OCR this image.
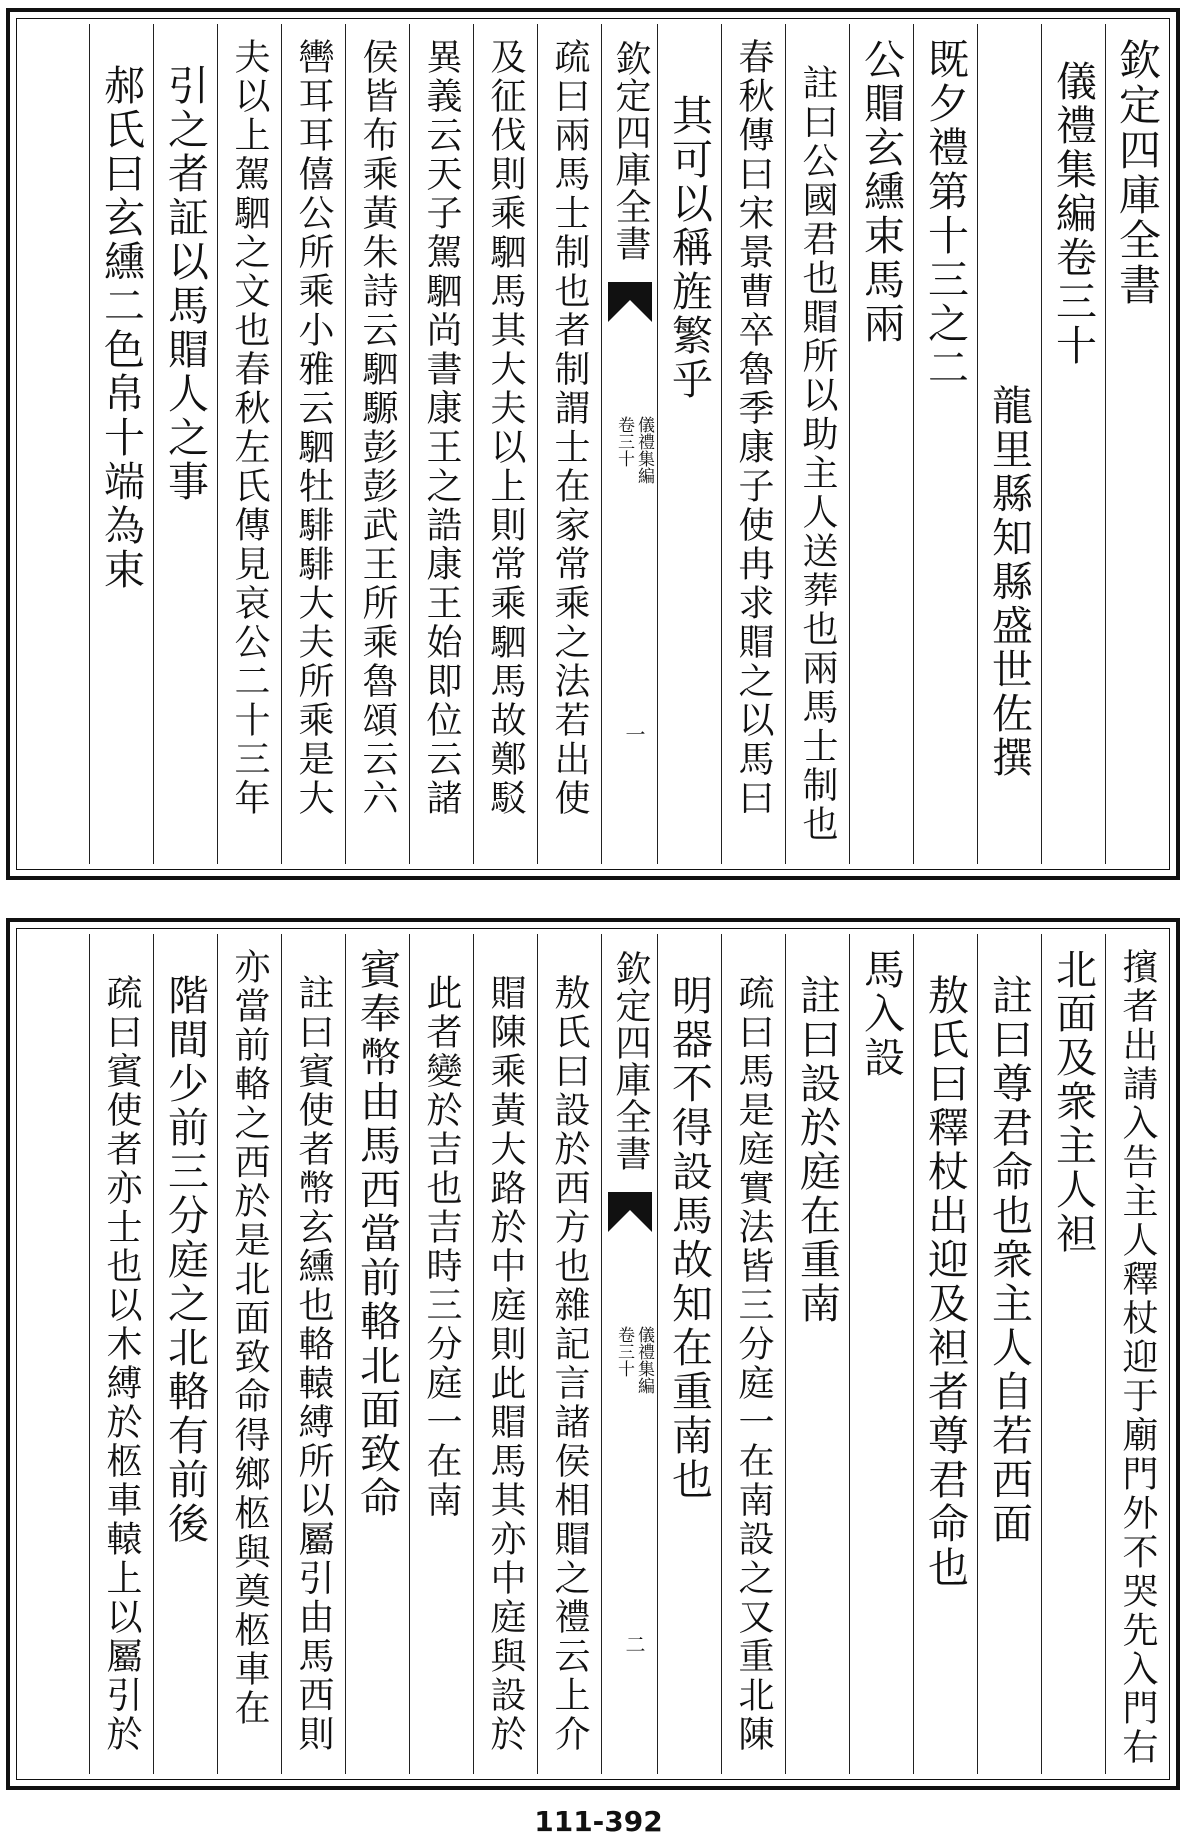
欽定四庫全書
儀禮集編卷三十
龍里縣知縣盛世佐撰
既夕禮第十三之二
公賵玄纁束馬兩
註曰公國君也賵所以助主人送葬也兩馬士制也
春秋傳曰宋景曹卒魯季康子使冉求賵之以馬曰
其可以稱旌繁乎
欽定四庫全書
儀禮集編
卷三十
一
疏曰兩馬士制也者制謂士在家常乘之法若出使
及征伐則乘駟馬其大夫以上則常乘駟馬故鄭駁
異義云天子駕駟尚書康王之誥康王始即位云諸
侯皆布乘黃朱詩云駟騵彭彭武王所乘魯頌云六
轡耳耳僖公所乘小雅云駟牡騑騑大夫所乘是大
夫以上駕駟之文也春秋左氏傳見哀公二十三年
引之者証以馬賵人之事
郝氏曰玄纁二色帛十端為束
擯者出請入告主人釋杖迎于廟門外不哭先入門右
北面及衆主人袒
註曰尊君命也衆主人自若西面
敖氏曰釋杖出迎及袒者尊君命也
馬入設
註曰設於庭在重南
疏曰馬是庭實法皆三分庭一在南設之又重北陳
明器不得設馬故知在重南也
欽定四庫全書
儀禮集編
卷三十
二
敖氏曰設於西方也雜記言諸侯相賵之禮云上介
賵陳乘黃大路於中庭則此賵馬其亦中庭與設於
此者變於吉也吉時三分庭一在南
賓奉幣由馬西當前輅北面致命
註曰賓使者幣玄纁也輅轅縛所以屬引由馬西則
亦當前輅之西於是北面致命得鄉柩與奠柩車在
階間少前三分庭之北輅有前後
疏曰賓使者亦士也以木縛於柩車轅上以屬引於
111-392
